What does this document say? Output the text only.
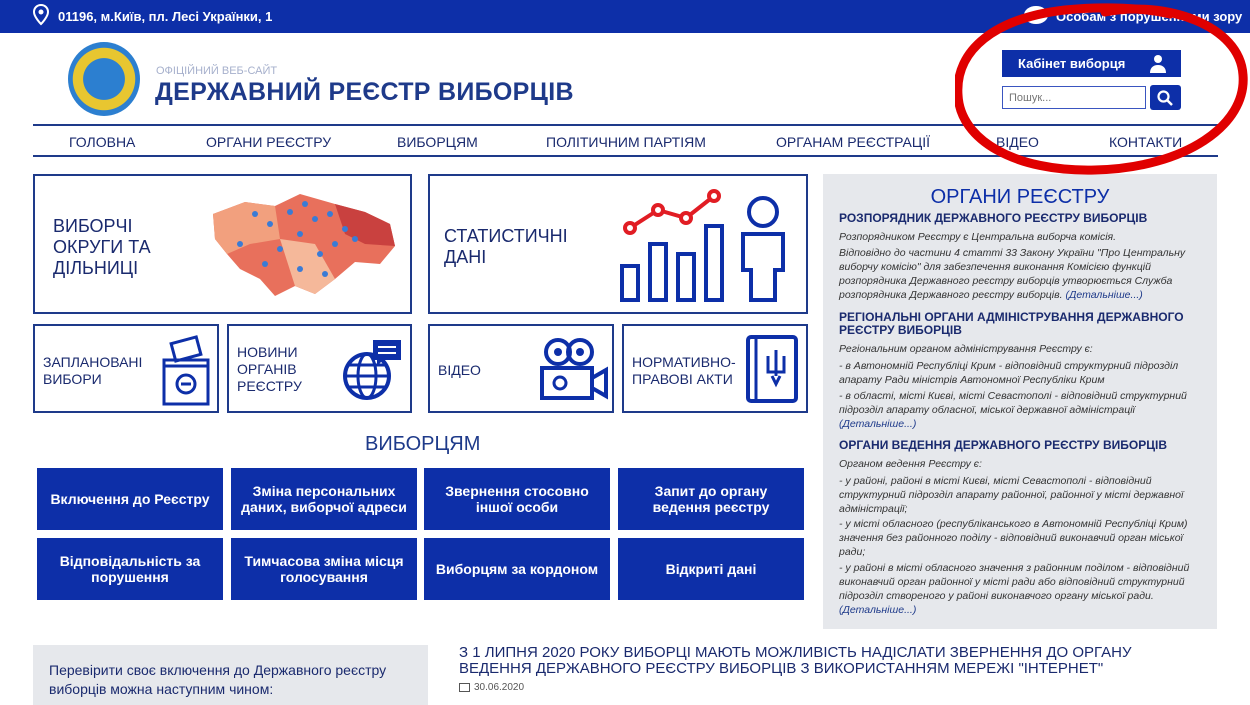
01196, м.Київ, пл. Лесі Українки, 1	Особам з порушеннями зору
ОФІЦІЙНИЙ ВЕБ-САЙТ
ДЕРЖАВНИЙ РЕЄСТР ВИБОРЦІВ
Кабінет виборця
Пошук...
ГОЛОВНА	ОРГАНИ РЕЄСТРУ	ВИБОРЦЯМ	ПОЛІТИЧНИМ ПАРТІЯМ	ОРГАНАМ РЕЄСТРАЦІЇ	ВІДЕО	КОНТАКТИ
ВИБОРЧІ ОКРУГИ ТА ДІЛЬНИЦІ
СТАТИСТИЧНІ ДАНІ
ЗАПЛАНОВАНІ ВИБОРИ
НОВИНИ ОРГАНІВ РЕЄСТРУ
ВІДЕО	НОРМАТИВНО-ПРАВОВІ АКТИ
ВИБОРЦЯМ
Включення до Реєстру	Зміна персональних даних, виборчої адреси
Звернення стосовно іншої особи
Запит до органу ведення реєстру
Відповідальність за порушення
Тимчасова зміна місця голосування	Виборцям за кордоном	Відкриті дані
ОРГАНИ РЕЄСТРУ
РОЗПОРЯДНИК ДЕРЖАВНОГО РЕЄСТРУ ВИБОРЦІВ
Розпорядником Реєстру є Центральна виборча комісія.
Відповідно до частини 4 статті 33 Закону України "Про Центральну виборчу комісію" для забезпечення виконання Комісією функцій розпорядника Державного реєстру виборців утворюється Служба розпорядника Державного реєстру виборців. (Детальніше...)
РЕГІОНАЛЬНІ ОРГАНИ АДМІНІСТРУВАННЯ ДЕРЖАВНОГО РЕЄСТРУ ВИБОРЦІВ
Регіональним органом адміністрування Реєстру є:
- в Автономній Республіці Крим - відповідний структурний підрозділ апарату Ради міністрів Автономної Республіки Крим
- в області, місті Києві, місті Севастополі - відповідний структурний підрозділ апарату обласної, міської державної адміністрації (Детальніше...)
ОРГАНИ ВЕДЕННЯ ДЕРЖАВНОГО РЕЄСТРУ ВИБОРЦІВ
Органом ведення Реєстру є:
- у районі, районі в місті Києві, місті Севастополі - відповідний структурний підрозділ апарату районної, районної у місті державної адміністрації;
- у місті обласного (республіканського в Автономній Республіці Крим) значення без районного поділу - відповідний виконавчий орган міської ради;
- у районі в місті обласного значення з районним поділом - відповідний виконавчий орган районної у місті ради або відповідний структурний підрозділ створеного у районі виконавчого органу міської ради. (Детальніше...)
Перевірити своє включення до Державного реєстру виборців можна наступним чином:
З 1 ЛИПНЯ 2020 РОКУ ВИБОРЦІ МАЮТЬ МОЖЛИВІСТЬ НАДІСЛАТИ ЗВЕРНЕННЯ ДО ОРГАНУ ВЕДЕННЯ ДЕРЖАВНОГО РЕЄСТРУ ВИБОРЦІВ З ВИКОРИСТАННЯМ МЕРЕЖІ "ІНТЕРНЕТ"
30.06.2020
